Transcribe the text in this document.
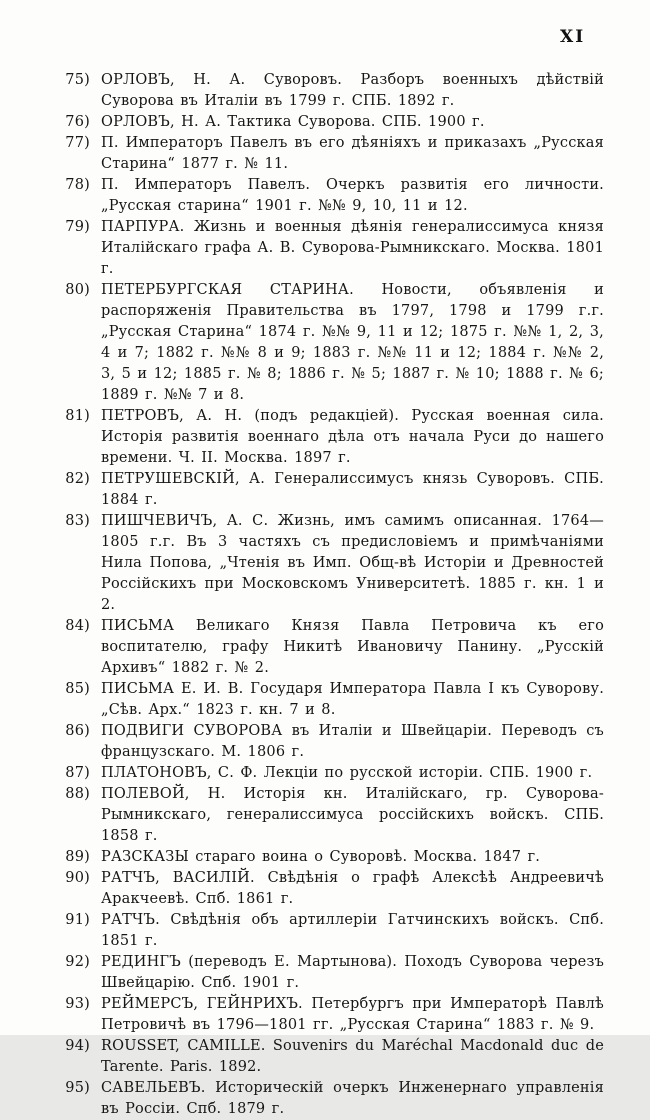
XI
75) ОРЛОВЪ, Н. А. Суворовъ. Разборъ военныхъ дѣйствій Суворова въ Италіи въ 1799 г. СПБ. 1892 г.
76) ОРЛОВЪ, Н. А. Тактика Суворова. СПБ. 1900 г.
77) П. Императоръ Павелъ въ его дѣяніяхъ и приказахъ „Русская Старина“ 1877 г. № 11.
78) П. Императоръ Павелъ. Очеркъ развитія его личности. „Русская старина“ 1901 г. №№ 9, 10, 11 и 12.
79) ПАРПУРА. Жизнь и военныя дѣянія генералиссимуса князя Италійскаго графа А. В. Суворова-Рымникскаго. Москва. 1801 г.
80) ПЕТЕРБУРГСКАЯ СТАРИНА. Новости, объявленія и распоряженія Правительства въ 1797, 1798 и 1799 г.г. „Русская Старина“ 1874 г. №№ 9, 11 и 12; 1875 г. №№ 1, 2, 3, 4 и 7; 1882 г. №№ 8 и 9; 1883 г. №№ 11 и 12; 1884 г. №№ 2, 3, 5 и 12; 1885 г. № 8; 1886 г. № 5; 1887 г. № 10; 1888 г. № 6; 1889 г. №№ 7 и 8.
81) ПЕТРОВЪ, А. Н. (подъ редакціей). Русская военная сила. Исторія развитія военнаго дѣла отъ начала Руси до нашего времени. Ч. II. Москва. 1897 г.
82) ПЕТРУШЕВСКІЙ, А. Генералиссимусъ князь Суворовъ. СПБ. 1884 г.
83) ПИШЧЕВИЧЪ, А. С. Жизнь, имъ самимъ описанная. 1764—1805 г.г. Въ 3 частяхъ съ предисловіемъ и примѣчаніями Нила Попова, „Чтенія въ Имп. Общ-вѣ Исторіи и Древностей Россійскихъ при Московскомъ Университетѣ. 1885 г. кн. 1 и 2.
84) ПИСЬМА Великаго Князя Павла Петровича къ его воспитателю, графу Никитѣ Ивановичу Панину. „Русскій Архивъ“ 1882 г. № 2.
85) ПИСЬМА Е. И. В. Государя Императора Павла I къ Суворову. „Сѣв. Арх.“ 1823 г. кн. 7 и 8.
86) ПОДВИГИ СУВОРОВА въ Италіи и Швейцаріи. Переводъ съ французскаго. М. 1806 г.
87) ПЛАТОНОВЪ, С. Ф. Лекціи по русской исторіи. СПБ. 1900 г.
88) ПОЛЕВОЙ, Н. Исторія кн. Италійскаго, гр. Суворова-Рымникскаго, генералиссимуса россійскихъ войскъ. СПБ. 1858 г.
89) РАЗСКАЗЫ стараго воина о Суворовѣ. Москва. 1847 г.
90) РАТЧЪ, ВАСИЛІЙ. Свѣдѣнія о графѣ Алексѣѣ Андреевичѣ Аракчеевѣ. Спб. 1861 г.
91) РАТЧЪ. Свѣдѣнія объ артиллеріи Гатчинскихъ войскъ. Спб. 1851 г.
92) РЕДИНГЪ (переводъ Е. Мартынова). Походъ Суворова черезъ Швейцарію. Спб. 1901 г.
93) РЕЙМЕРСЪ, ГЕЙНРИХЪ. Петербургъ при Императорѣ Павлѣ Петровичѣ въ 1796—1801 гг. „Русская Старина“ 1883 г. № 9.
94) ROUSSET, CAMILLE. Souvenirs du Maréchal Macdonald duc de Tarente. Paris. 1892.
95) САВЕЛЬЕВЪ. Историческій очеркъ Инженернаго управленія въ Россіи. Спб. 1879 г.
